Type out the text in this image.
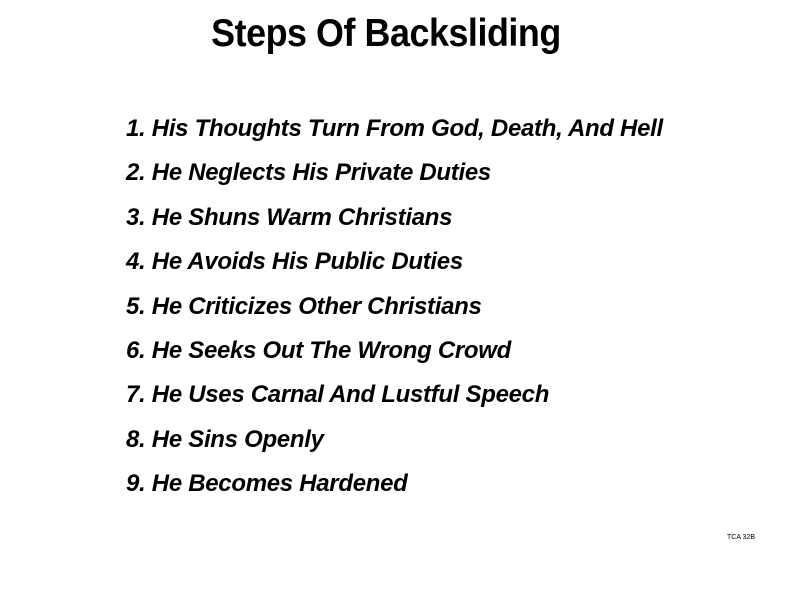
Steps Of Backsliding
1. His Thoughts Turn From God, Death, And Hell
2. He Neglects His Private Duties
3. He Shuns Warm Christians
4. He Avoids His Public Duties
5. He Criticizes Other Christians
6. He Seeks Out The Wrong Crowd
7. He Uses Carnal And Lustful Speech
8. He Sins Openly
9. He Becomes Hardened
TCA 32B
